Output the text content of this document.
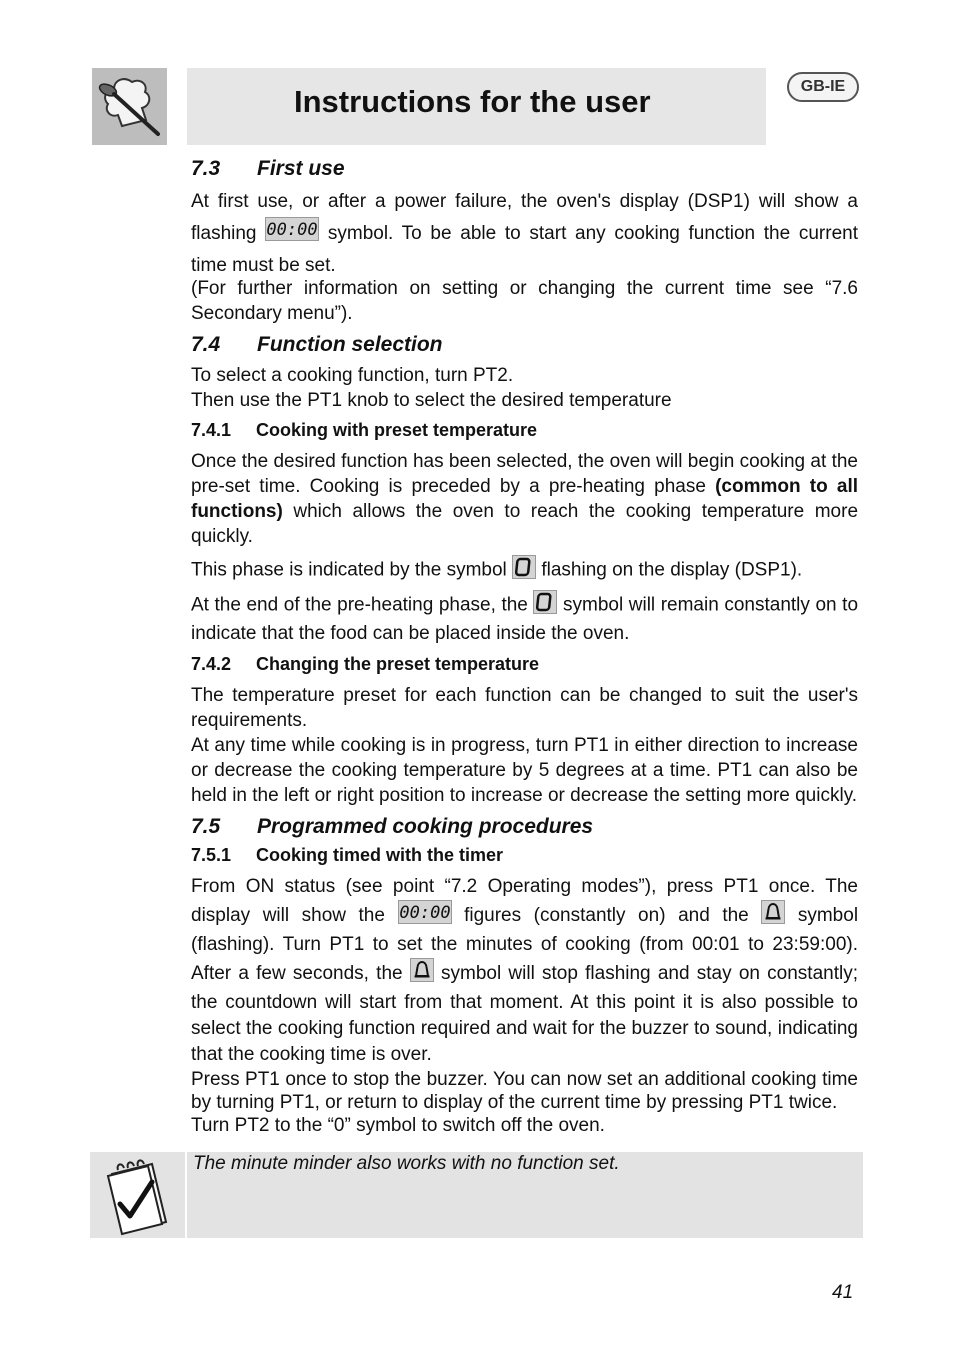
Instructions for the user	GB-IE

7.3 First use

At first use, or after a power failure, the oven's display (DSP1) will show a flashing 00:00 symbol. To be able to start any cooking function the current time must be set.

(For further information on setting or changing the current time see “7.6 Secondary menu”).

7.4 Function selection

To select a cooking function, turn PT2.

Then use the PT1 knob to select the desired temperature

7.4.1 Cooking with preset temperature

Once the desired function has been selected, the oven will begin cooking at the pre-set time. Cooking is preceded by a pre-heating phase (common to all functions) which allows the oven to reach the cooking temperature more quickly.

This phase is indicated by the symbol flashing on the display (DSP1).

At the end of the pre-heating phase, the symbol will remain constantly on to indicate that the food can be placed inside the oven.

7.4.2 Changing the preset temperature

The temperature preset for each function can be changed to suit the user's requirements.

At any time while cooking is in progress, turn PT1 in either direction to increase or decrease the cooking temperature by 5 degrees at a time. PT1 can also be held in the left or right position to increase or decrease the setting more quickly.

7.5 Programmed cooking procedures

7.5.1 Cooking timed with the timer

From ON status (see point “7.2 Operating modes”), press PT1 once. The display will show the 00:00 figures (constantly on) and the	symbol (flashing). Turn PT1 to set the minutes of cooking (from 00:01 to 23:59:00). After a few seconds, the symbol will stop flashing and stay on constantly; the countdown will start from that moment. At this point it is also possible to select the cooking function required and wait for the buzzer to sound, indicating that the cooking time is over.

Press PT1 once to stop the buzzer. You can now set an additional cooking time by turning PT1, or return to display of the current time by pressing PT1 twice.

Turn PT2 to the “0” symbol to switch off the oven.

The minute minder also works with no function set.

41
